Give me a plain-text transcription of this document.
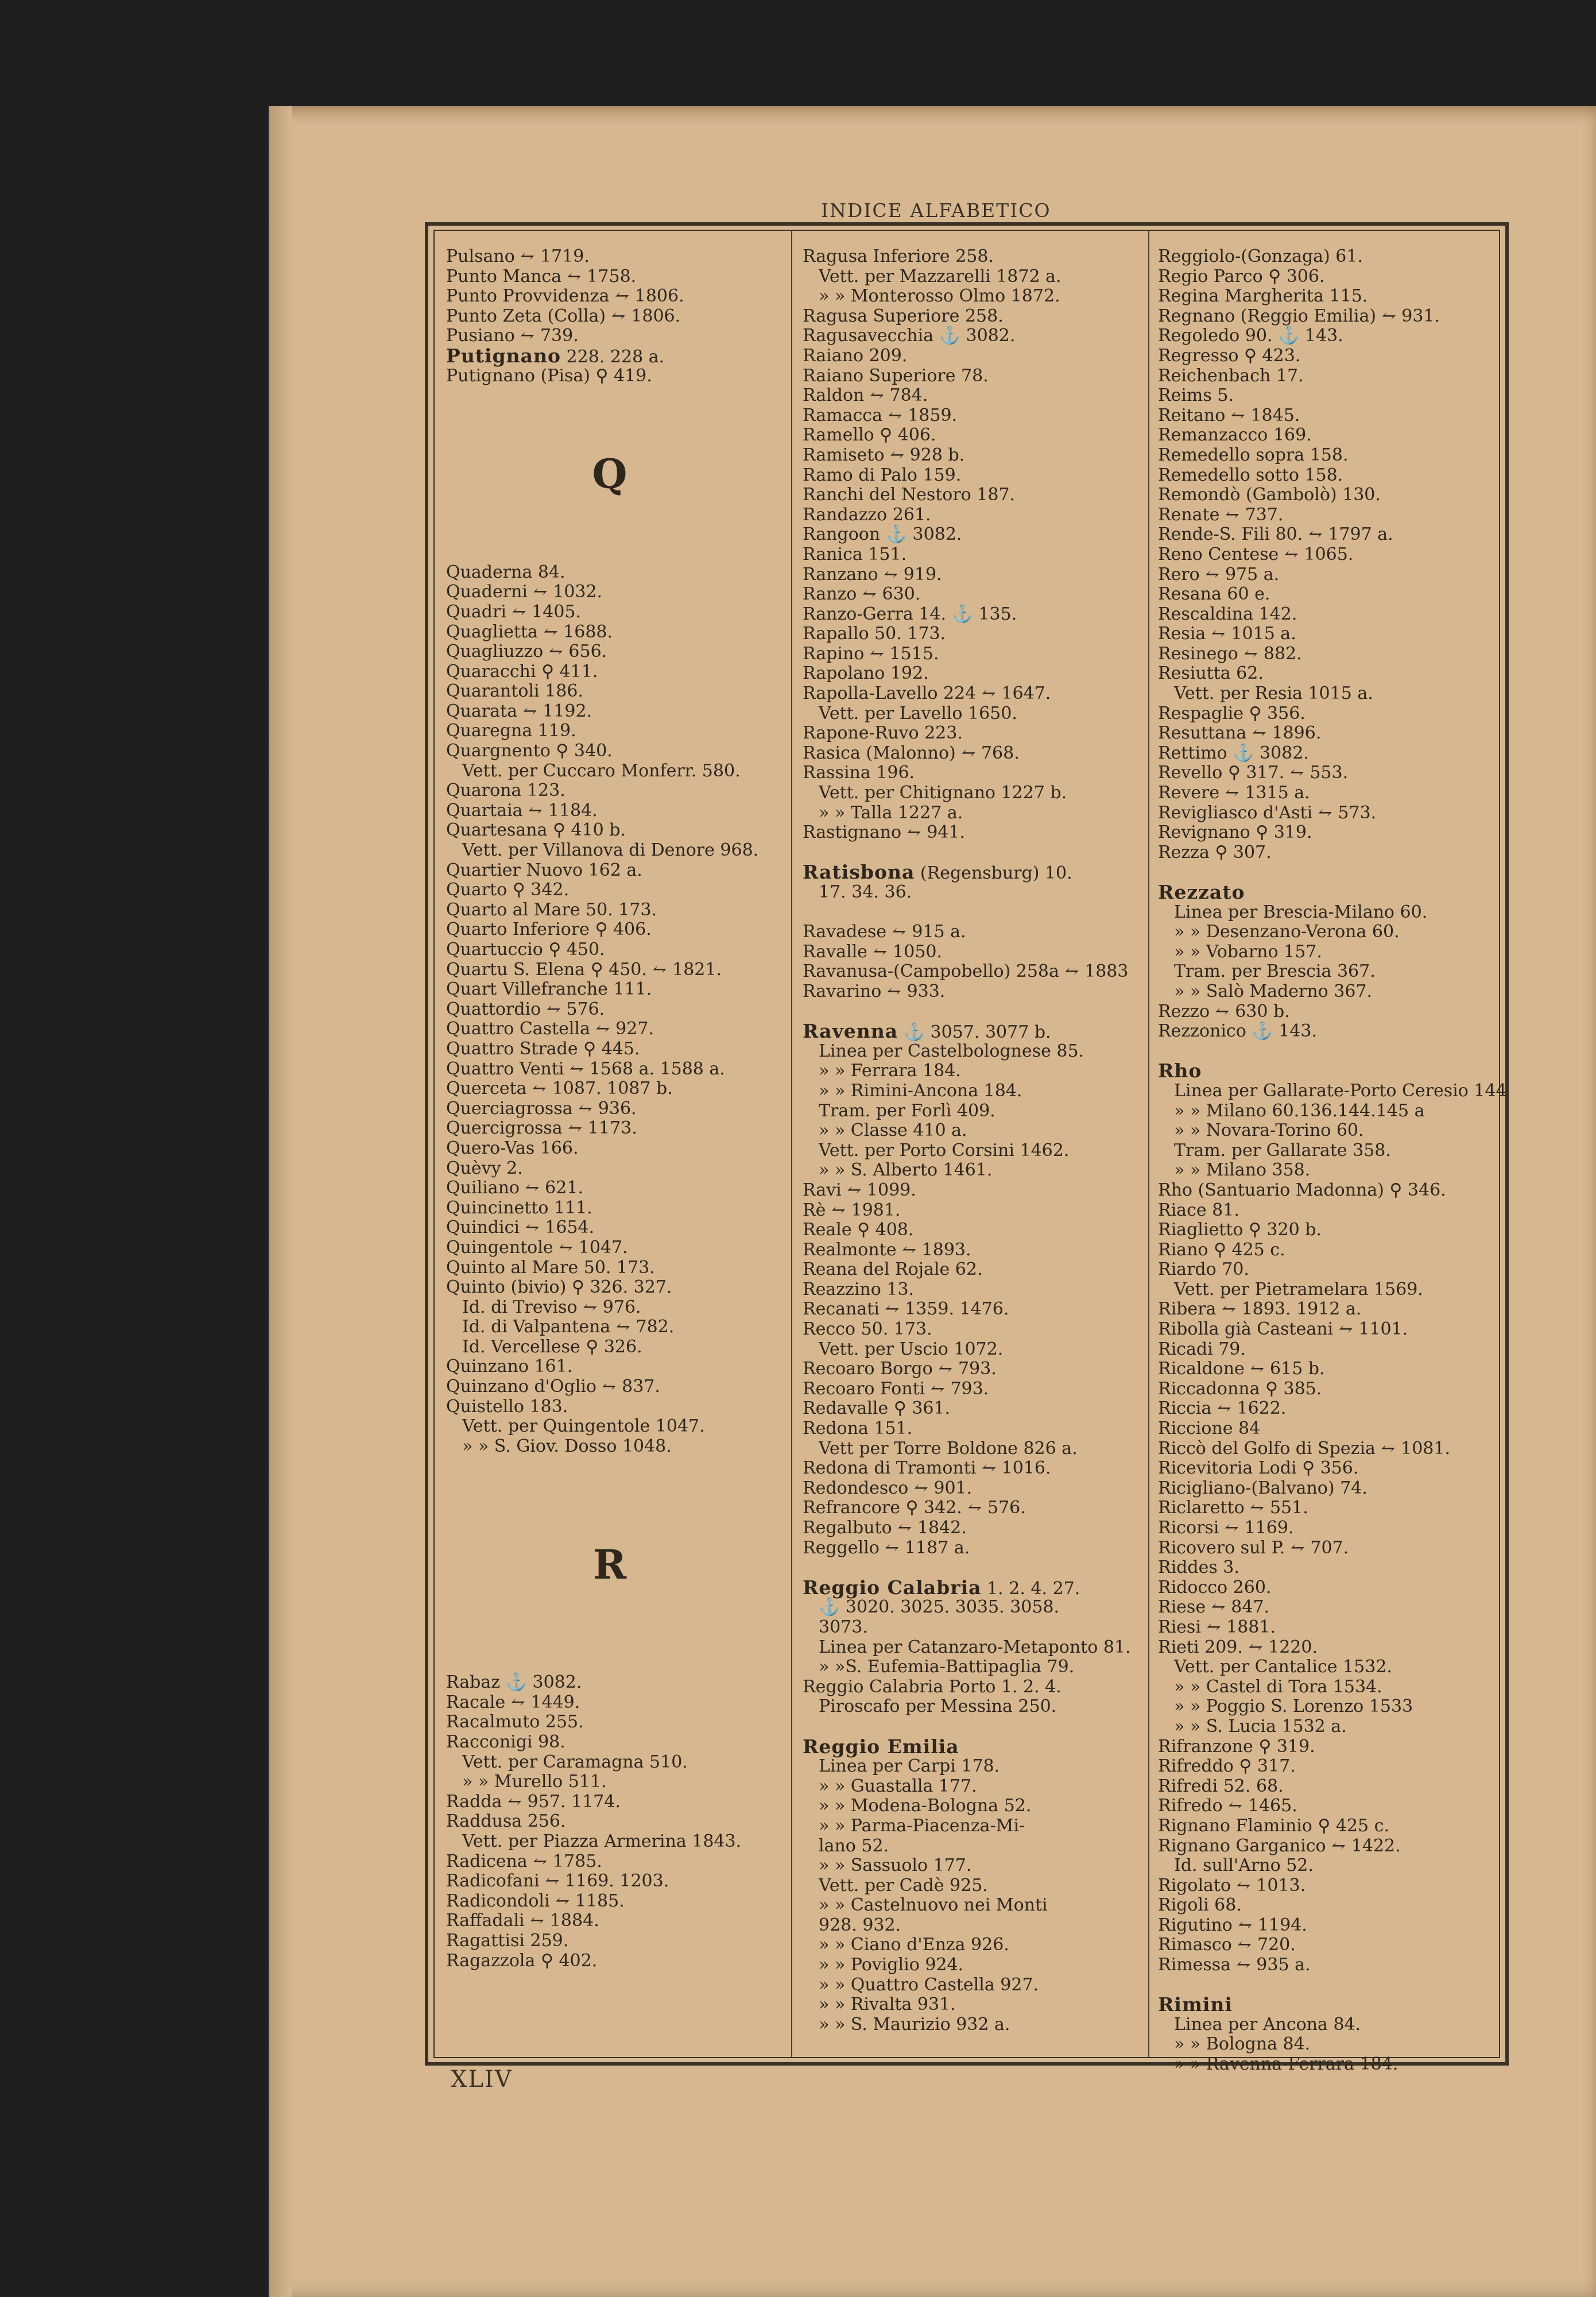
INDICE ALFABETICO
Pulsano ⥊ 1719.
Punto Manca ⥊ 1758.
Punto Provvidenza ⥊ 1806.
Punto Zeta (Colla) ⥊ 1806.
Pusiano ⥊ 739.
Putignano 228. 228 a.
Putignano (Pisa) ⚲ 419.
Q
Quaderna 84.
Quaderni ⥊ 1032.
Quadri ⥊ 1405.
Quaglietta ⥊ 1688.
Quagliuzzo ⥊ 656.
Quaracchi ⚲ 411.
Quarantoli 186.
Quarata ⥊ 1192.
Quaregna 119.
Quargnento ⚲ 340.
Vett. per Cuccaro Monferr. 580.
Quarona 123.
Quartaia ⥊ 1184.
Quartesana ⚲ 410 b.
Vett. per Villanova di Denore 968.
Quartier Nuovo 162 a.
Quarto ⚲ 342.
Quarto al Mare 50. 173.
Quarto Inferiore ⚲ 406.
Quartuccio ⚲ 450.
Quartu S. Elena ⚲ 450. ⥊ 1821.
Quart Villefranche 111.
Quattordio ⥊ 576.
Quattro Castella ⥊ 927.
Quattro Strade ⚲ 445.
Quattro Venti ⥊ 1568 a. 1588 a.
Querceta ⥊ 1087. 1087 b.
Querciagrossa ⥊ 936.
Quercigrossa ⥊ 1173.
Quero-Vas 166.
Quèvy 2.
Quiliano ⥊ 621.
Quincinetto 111.
Quindici ⥊ 1654.
Quingentole ⥊ 1047.
Quinto al Mare 50. 173.
Quinto (bivio) ⚲ 326. 327.
Id. di Treviso ⥊ 976.
Id. di Valpantena ⥊ 782.
Id. Vercellese ⚲ 326.
Quinzano 161.
Quinzano d'Oglio ⥊ 837.
Quistello 183.
Vett. per Quingentole 1047.
» » S. Giov. Dosso 1048.
R
Rabaz ⚓ 3082.
Racale ⥊ 1449.
Racalmuto 255.
Racconigi 98.
Vett. per Caramagna 510.
» » Murello 511.
Radda ⥊ 957. 1174.
Raddusa 256.
Vett. per Piazza Armerina 1843.
Radicena ⥊ 1785.
Radicofani ⥊ 1169. 1203.
Radicondoli ⥊ 1185.
Raffadali ⥊ 1884.
Ragattisi 259.
Ragazzola ⚲ 402.
Ragusa Inferiore 258.
Vett. per Mazzarelli 1872 a.
» » Monterosso Olmo 1872.
Ragusa Superiore 258.
Ragusavecchia ⚓ 3082.
Raiano 209.
Raiano Superiore 78.
Raldon ⥊ 784.
Ramacca ⥊ 1859.
Ramello ⚲ 406.
Ramiseto ⥊ 928 b.
Ramo di Palo 159.
Ranchi del Nestoro 187.
Randazzo 261.
Rangoon ⚓ 3082.
Ranica 151.
Ranzano ⥊ 919.
Ranzo ⥊ 630.
Ranzo-Gerra 14. ⚓ 135.
Rapallo 50. 173.
Rapino ⥊ 1515.
Rapolano 192.
Rapolla-Lavello 224 ⥊ 1647.
Vett. per Lavello 1650.
Rapone-Ruvo 223.
Rasica (Malonno) ⥊ 768.
Rassina 196.
Vett. per Chitignano 1227 b.
» » Talla 1227 a.
Rastignano ⥊ 941.
Ratisbona (Regensburg) 10.
17. 34. 36.
Ravadese ⥊ 915 a.
Ravalle ⥊ 1050.
Ravanusa-(Campobello) 258a ⥊ 1883
Ravarino ⥊ 933.
Ravenna ⚓ 3057. 3077 b.
Linea per Castelbolognese 85.
» » Ferrara 184.
» » Rimini-Ancona 184.
Tram. per Forlì 409.
» » Classe 410 a.
Vett. per Porto Corsini 1462.
» » S. Alberto 1461.
Ravi ⥊ 1099.
Rè ⥊ 1981.
Reale ⚲ 408.
Realmonte ⥊ 1893.
Reana del Rojale 62.
Reazzino 13.
Recanati ⥊ 1359. 1476.
Recco 50. 173.
Vett. per Uscio 1072.
Recoaro Borgo ⥊ 793.
Recoaro Fonti ⥊ 793.
Redavalle ⚲ 361.
Redona 151.
Vett per Torre Boldone 826 a.
Redona di Tramonti ⥊ 1016.
Redondesco ⥊ 901.
Refrancore ⚲ 342. ⥊ 576.
Regalbuto ⥊ 1842.
Reggello ⥊ 1187 a.
Reggio Calabria 1. 2. 4. 27.
⚓ 3020. 3025. 3035. 3058.
3073.
Linea per Catanzaro-Metaponto 81.
» »S. Eufemia-Battipaglia 79.
Reggio Calabria Porto 1. 2. 4.
Piroscafo per Messina 250.
Reggio Emilia
Linea per Carpi 178.
» » Guastalla 177.
» » Modena-Bologna 52.
» » Parma-Piacenza-Mi-
lano 52.
» » Sassuolo 177.
Vett. per Cadè 925.
» » Castelnuovo nei Monti
928. 932.
» » Ciano d'Enza 926.
» » Poviglio 924.
» » Quattro Castella 927.
» » Rivalta 931.
» » S. Maurizio 932 a.
Reggiolo-(Gonzaga) 61.
Regio Parco ⚲ 306.
Regina Margherita 115.
Regnano (Reggio Emilia) ⥊ 931.
Regoledo 90. ⚓ 143.
Regresso ⚲ 423.
Reichenbach 17.
Reims 5.
Reitano ⥊ 1845.
Remanzacco 169.
Remedello sopra 158.
Remedello sotto 158.
Remondò (Gambolò) 130.
Renate ⥊ 737.
Rende-S. Fili 80. ⥊ 1797 a.
Reno Centese ⥊ 1065.
Rero ⥊ 975 a.
Resana 60 e.
Rescaldina 142.
Resia ⥊ 1015 a.
Resinego ⥊ 882.
Resiutta 62.
Vett. per Resia 1015 a.
Respaglie ⚲ 356.
Resuttana ⥊ 1896.
Rettimo ⚓ 3082.
Revello ⚲ 317. ⥊ 553.
Revere ⥊ 1315 a.
Revigliasco d'Asti ⥊ 573.
Revignano ⚲ 319.
Rezza ⚲ 307.
Rezzato
Linea per Brescia-Milano 60.
» » Desenzano-Verona 60.
» » Vobarno 157.
Tram. per Brescia 367.
» » Salò Maderno 367.
Rezzo ⥊ 630 b.
Rezzonico ⚓ 143.
Rho
Linea per Gallarate-Porto Ceresio 144
» » Milano 60.136.144.145 a
» » Novara-Torino 60.
Tram. per Gallarate 358.
» » Milano 358.
Rho (Santuario Madonna) ⚲ 346.
Riace 81.
Riaglietto ⚲ 320 b.
Riano ⚲ 425 c.
Riardo 70.
Vett. per Pietramelara 1569.
Ribera ⥊ 1893. 1912 a.
Ribolla già Casteani ⥊ 1101.
Ricadi 79.
Ricaldone ⥊ 615 b.
Riccadonna ⚲ 385.
Riccia ⥊ 1622.
Riccione 84
Riccò del Golfo di Spezia ⥊ 1081.
Ricevitoria Lodi ⚲ 356.
Ricigliano-(Balvano) 74.
Riclaretto ⥊ 551.
Ricorsi ⥊ 1169.
Ricovero sul P. ⥊ 707.
Riddes 3.
Ridocco 260.
Riese ⥊ 847.
Riesi ⥊ 1881.
Rieti 209. ⥊ 1220.
Vett. per Cantalice 1532.
» » Castel di Tora 1534.
» » Poggio S. Lorenzo 1533
» » S. Lucia 1532 a.
Rifranzone ⚲ 319.
Rifreddo ⚲ 317.
Rifredi 52. 68.
Rifredo ⥊ 1465.
Rignano Flaminio ⚲ 425 c.
Rignano Garganico ⥊ 1422.
Id. sull'Arno 52.
Rigolato ⥊ 1013.
Rigoli 68.
Rigutino ⥊ 1194.
Rimasco ⥊ 720.
Rimessa ⥊ 935 a.
Rimini
Linea per Ancona 84.
» » Bologna 84.
» » Ravenna-Ferrara 184.
XLIV
